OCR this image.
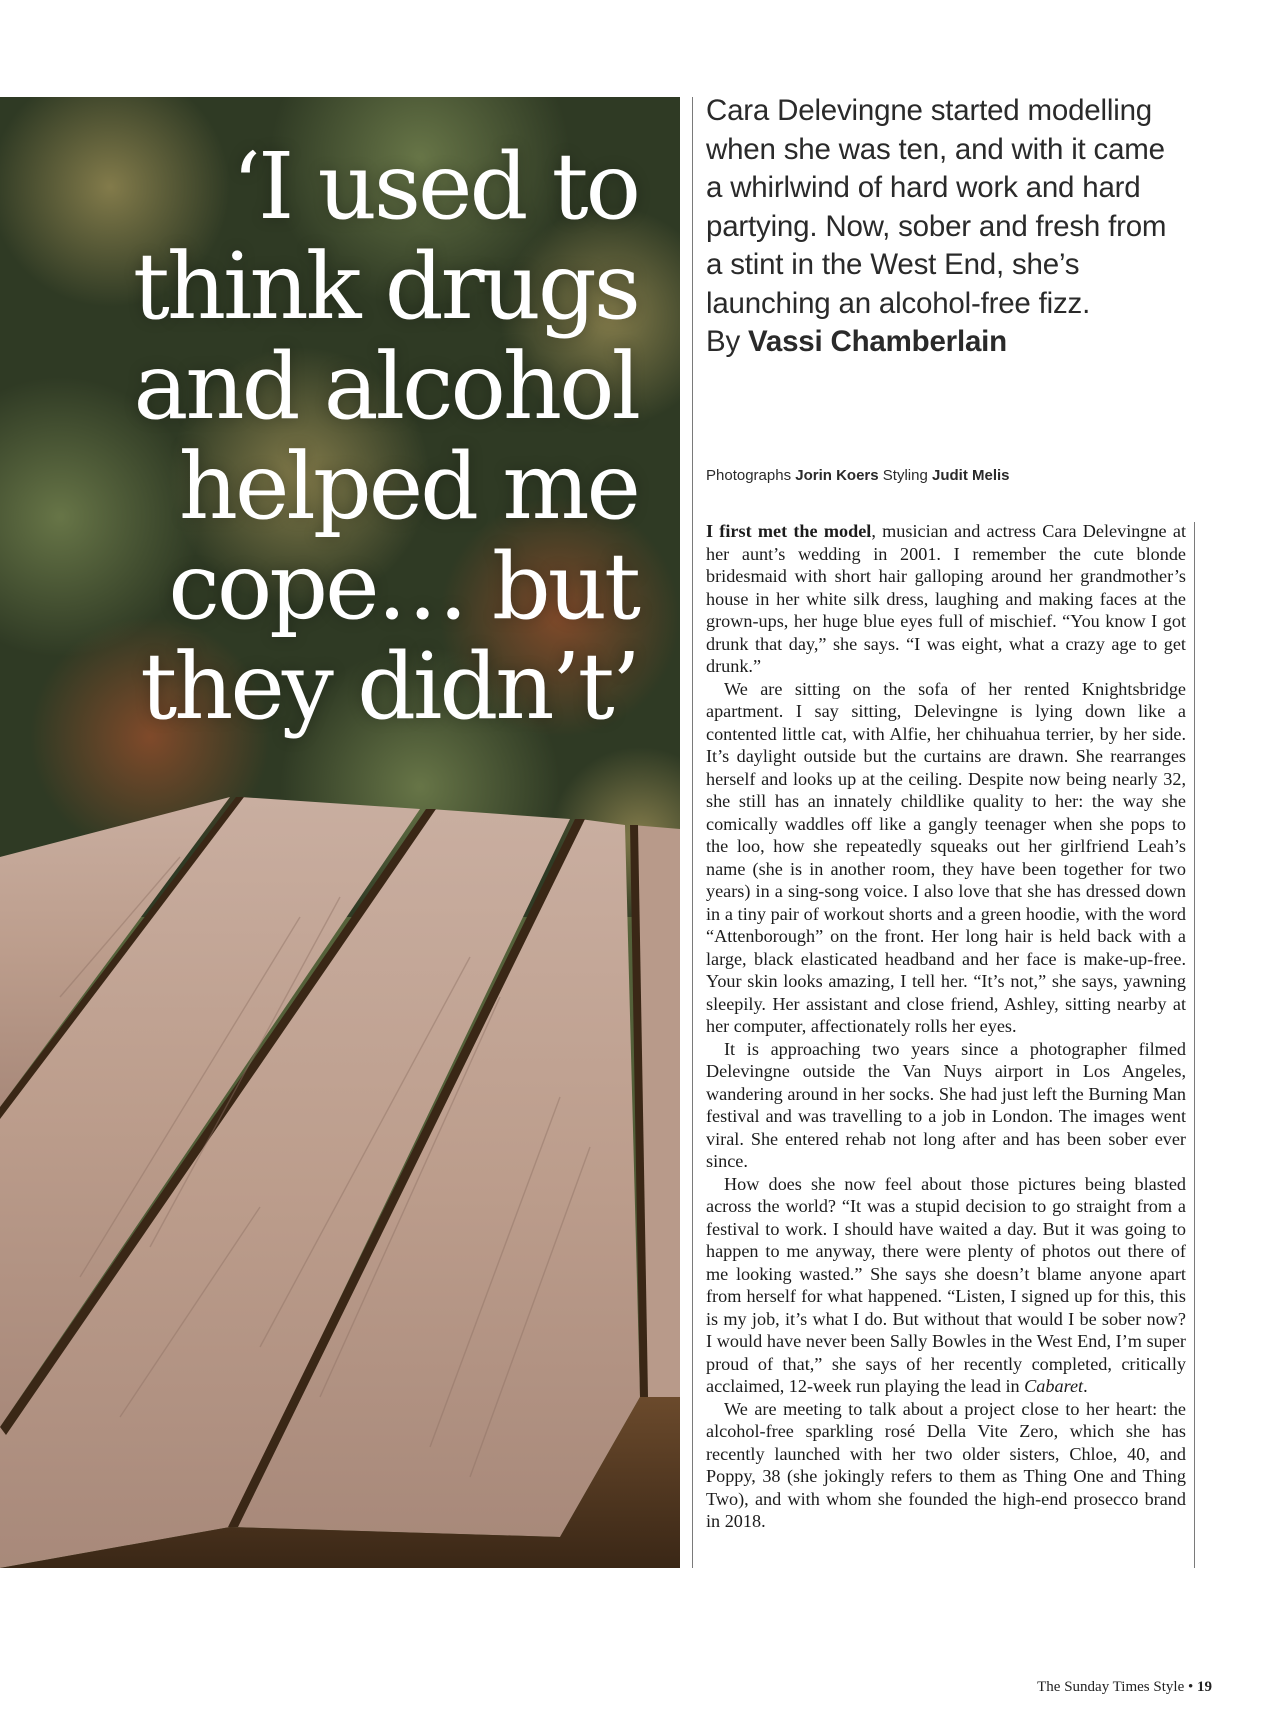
‘I used to think drugs and alcohol helped me cope… but they didn’t’

Cara Delevingne started modelling when she was ten, and with it came a whirlwind of hard work and hard partying. Now, sober and fresh from a stint in the West End, she’s launching an alcohol-free fizz.
By Vassi Chamberlain

Photographs Jorin Koers Styling Judit Melis

I first met the model, musician and actress Cara Delevingne at her aunt’s wedding in 2001. I remember the cute blonde bridesmaid with short hair galloping around her grandmother’s house in her white silk dress, laughing and making faces at the grown-ups, her huge blue eyes full of mischief. “You know I got drunk that day,” she says. “I was eight, what a crazy age to get drunk.”

We are sitting on the sofa of her rented Knightsbridge apartment. I say sitting, Delevingne is lying down like a contented little cat, with Alfie, her chihuahua terrier, by her side. It’s daylight outside but the curtains are drawn. She rearranges herself and looks up at the ceiling. Despite now being nearly 32, she still has an innately childlike quality to her: the way she comically waddles off like a gangly teenager when she pops to the loo, how she repeatedly squeaks out her girlfriend Leah’s name (she is in another room, they have been together for two years) in a sing-song voice. I also love that she has dressed down in a tiny pair of workout shorts and a green hoodie, with the word “Attenborough” on the front. Her long hair is held back with a large, black elasticated headband and her face is make-up-free. Your skin looks amazing, I tell her. “It’s not,” she says, yawning sleepily. Her assistant and close friend, Ashley, sitting nearby at her computer, affectionately rolls her eyes.

It is approaching two years since a photographer filmed Delevingne outside the Van Nuys airport in Los Angeles, wandering around in her socks. She had just left the Burning Man festival and was travelling to a job in London. The images went viral. She entered rehab not long after and has been sober ever since.

How does she now feel about those pictures being blasted across the world? “It was a stupid decision to go straight from a festival to work. I should have waited a day. But it was going to happen to me anyway, there were plenty of photos out there of me looking wasted.” She says she doesn’t blame anyone apart from herself for what happened. “Listen, I signed up for this, this is my job, it’s what I do. But without that would I be sober now? I would have never been Sally Bowles in the West End, I’m super proud of that,” she says of her recently completed, critically acclaimed, 12-week run playing the lead in Cabaret.

We are meeting to talk about a project close to her heart: the alcohol-free sparkling rosé Della Vite Zero, which she has recently launched with her two older sisters, Chloe, 40, and Poppy, 38 (she jokingly refers to them as Thing One and Thing Two), and with whom she founded the high-end prosecco brand in 2018.

The Sunday Times Style • 19
